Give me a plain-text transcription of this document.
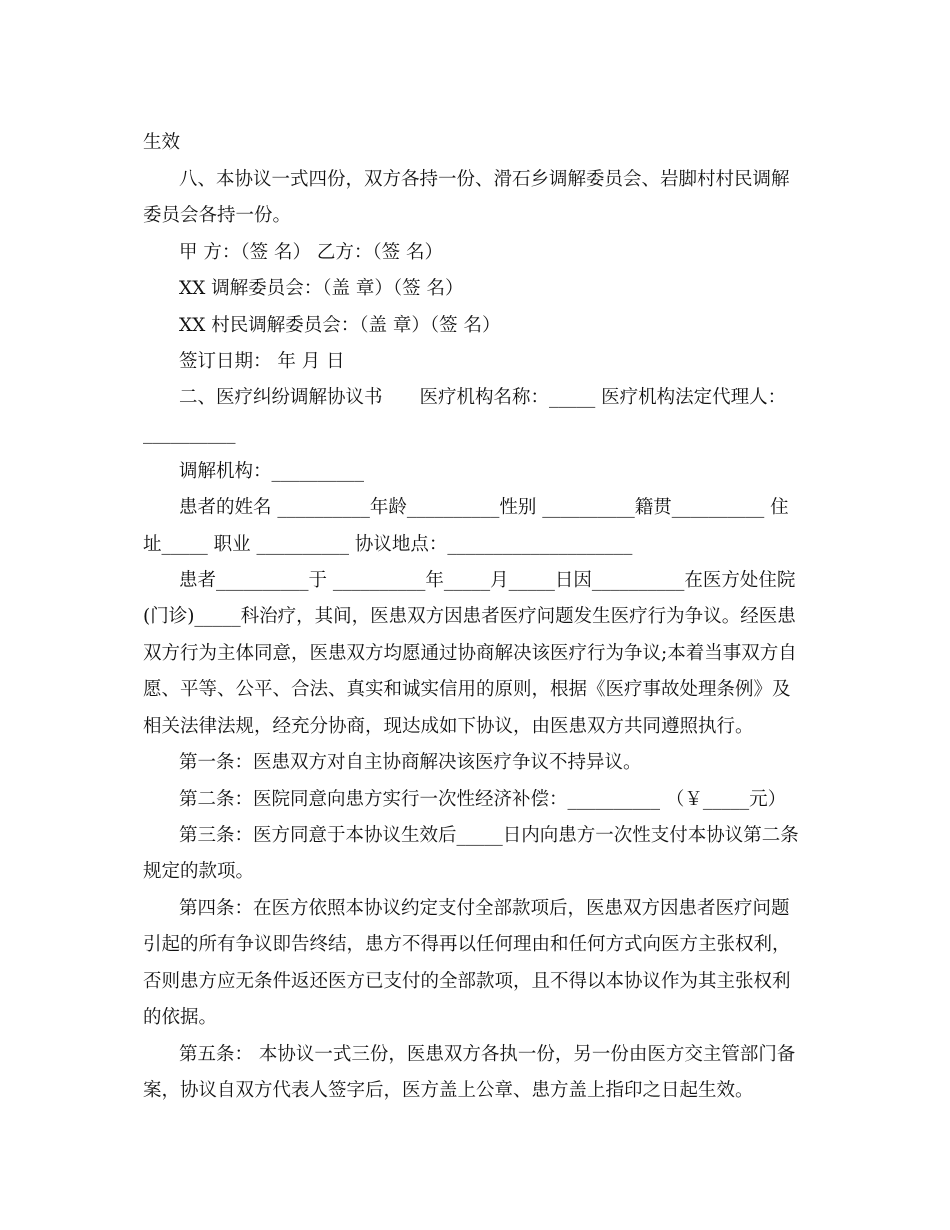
生效

八、本协议一式四份，双方各持一份、滑石乡调解委员会、岩脚村村民调解

委员会各持一份。

甲 方：（签 名） 乙方：（签 名）

XX 调解委员会：（盖 章）（签 名）

XX 村民调解委员会：（盖 章）（签 名）

签订日期： 年 月 日

二、医疗纠纷调解协议书　　医疗机构名称：_____ 医疗机构法定代理人：

__________

调解机构：__________

患者的姓名 __________年龄__________性别 __________籍贯__________ 住

址_____ 职业 __________ 协议地点：____________________

患者__________于 __________年_____月_____日因__________在医方处住院

(门诊)_____科治疗，其间，医患双方因患者医疗问题发生医疗行为争议。经医患

双方行为主体同意，医患双方均愿通过协商解决该医疗行为争议;本着当事双方自

愿、平等、公平、合法、真实和诚实信用的原则，根据《医疗事故处理条例》及

相关法律法规，经充分协商，现达成如下协议，由医患双方共同遵照执行。

第一条：医患双方对自主协商解决该医疗争议不持异议。

第二条：医院同意向患方实行一次性经济补偿：__________ （￥_____元）

第三条：医方同意于本协议生效后_____日内向患方一次性支付本协议第二条

规定的款项。

第四条：在医方依照本协议约定支付全部款项后，医患双方因患者医疗问题

引起的所有争议即告终结，患方不得再以任何理由和任何方式向医方主张权利，

否则患方应无条件返还医方已支付的全部款项，且不得以本协议作为其主张权利

的依据。

第五条： 本协议一式三份，医患双方各执一份，另一份由医方交主管部门备

案，协议自双方代表人签字后，医方盖上公章、患方盖上指印之日起生效。
